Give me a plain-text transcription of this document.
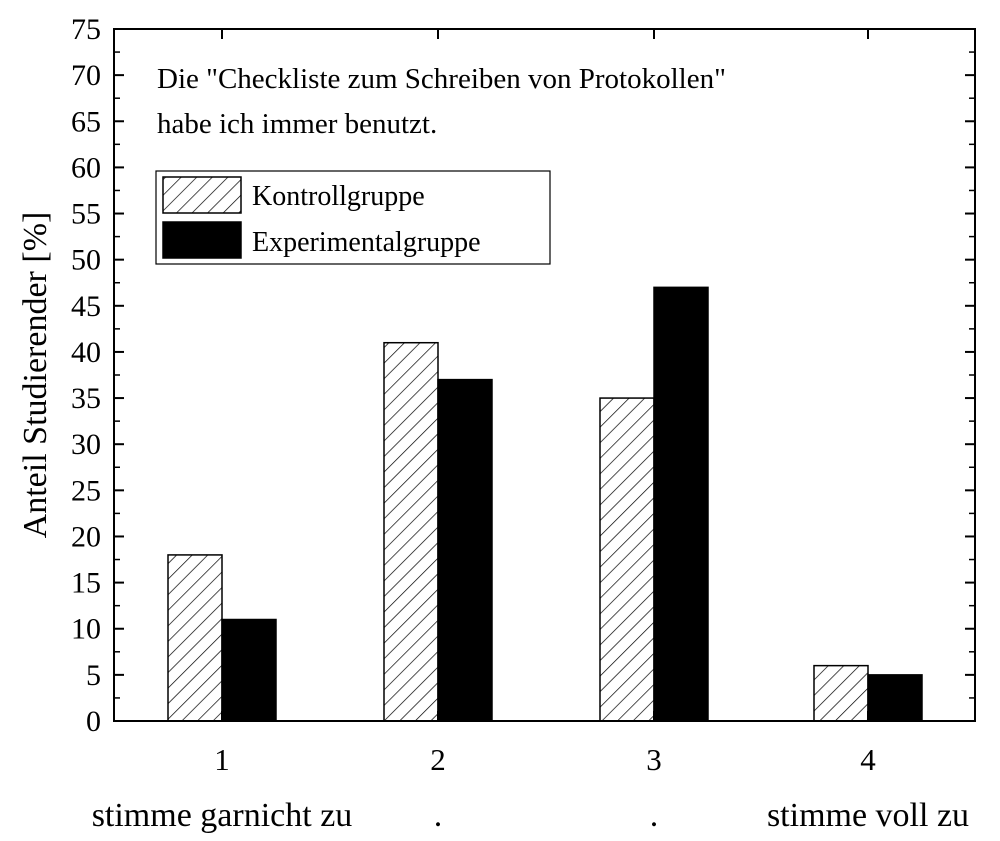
0
5
10
15
20
25
30
35
40
45
50
55
60
65
70
75
1	2	3	4
stimme garnicht zu .	.	stimme voll zu
Anteil Studierender [%]
Die "Checkliste zum Schreiben von Protokollen"
habe ich immer benutzt.
Kontrollgruppe
Experimentalgruppe
